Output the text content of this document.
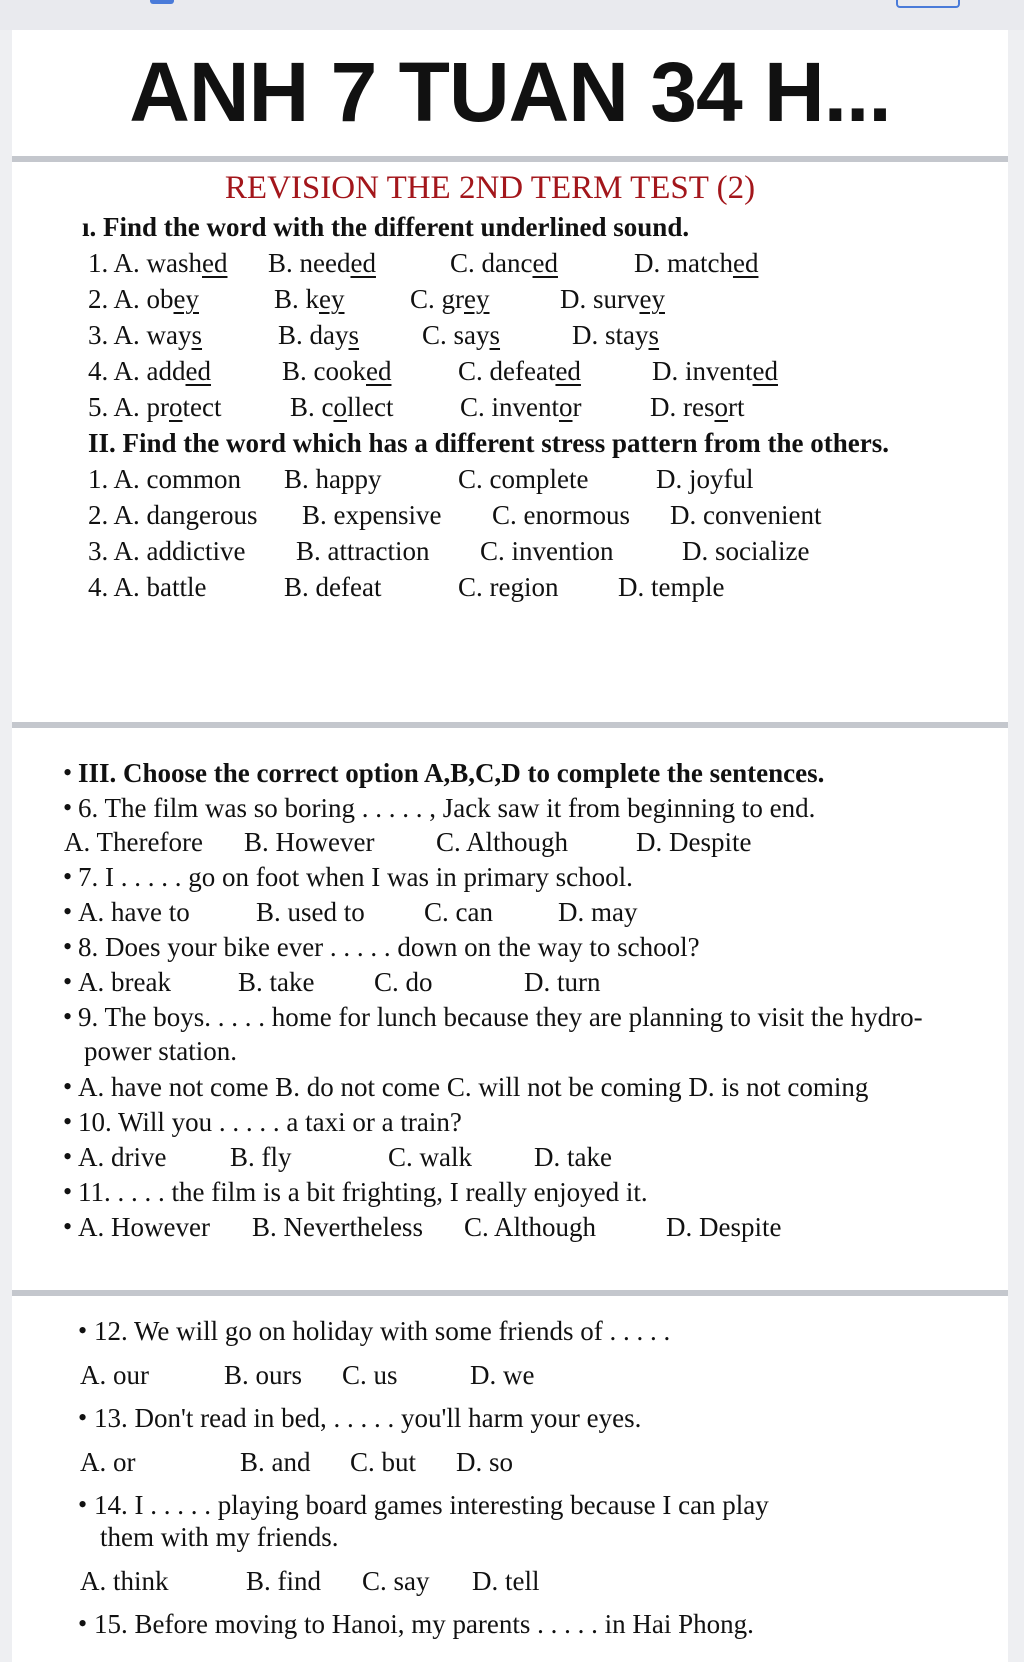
ANH 7 TUAN 34 H...
REVISION THE 2ND TERM TEST (2)
ı. Find the word with the different underlined sound.
1. A. washed B. needed	C. danced	D. matched
2. A. obey	B. key C. grey	D. survey
3. A. ways	B. days C. says	D. stays
4. A. added	B. cooked C. defeated	D. invented
5. A. protect	B. collect C. inventor	D. resort
II. Find the word which has a different stress pattern from the others.
1. A. common B. happy	C. complete	D. joyful
2. A. dangerous B. expensive C. enormous D. convenient
3. A. addictive B. attraction C. invention	D. socialize
4. A. battle	B. defeat	C. region D. temple
• III. Choose the correct option A,B,C,D to complete the sentences.
• 6. The film was so boring . . . . . , Jack saw it from beginning to end.
A. Therefore B. However C. Although	D. Despite
• 7. I . . . . . go on foot when I was in primary school.
• A. have to B. used to C. can D. may
• 8. Does your bike ever . . . . . down on the way to school?
• A. break B. take C. do	D. turn
• 9. The boys. . . . . home for lunch because they are planning to visit the hydro-
power station.
• A. have not come B. do not come C. will not be coming D. is not coming
• 10. Will you . . . . . a taxi or a train?
• A. drive B. fly	C. walk D. take
• 11. . . . . the film is a bit frighting, I really enjoyed it.
• A. However B. Nevertheless C. Although	D. Despite
• 12. We will go on holiday with some friends of . . . . .
A. our	B. ours C. us	D. we
• 13. Don't read in bed, . . . . . you'll harm your eyes.
A. or	B. and C. but D. so
• 14. I . . . . . playing board games interesting because I can play
them with my friends.
A. think	B. find C. say D. tell
• 15. Before moving to Hanoi, my parents . . . . . in Hai Phong.
